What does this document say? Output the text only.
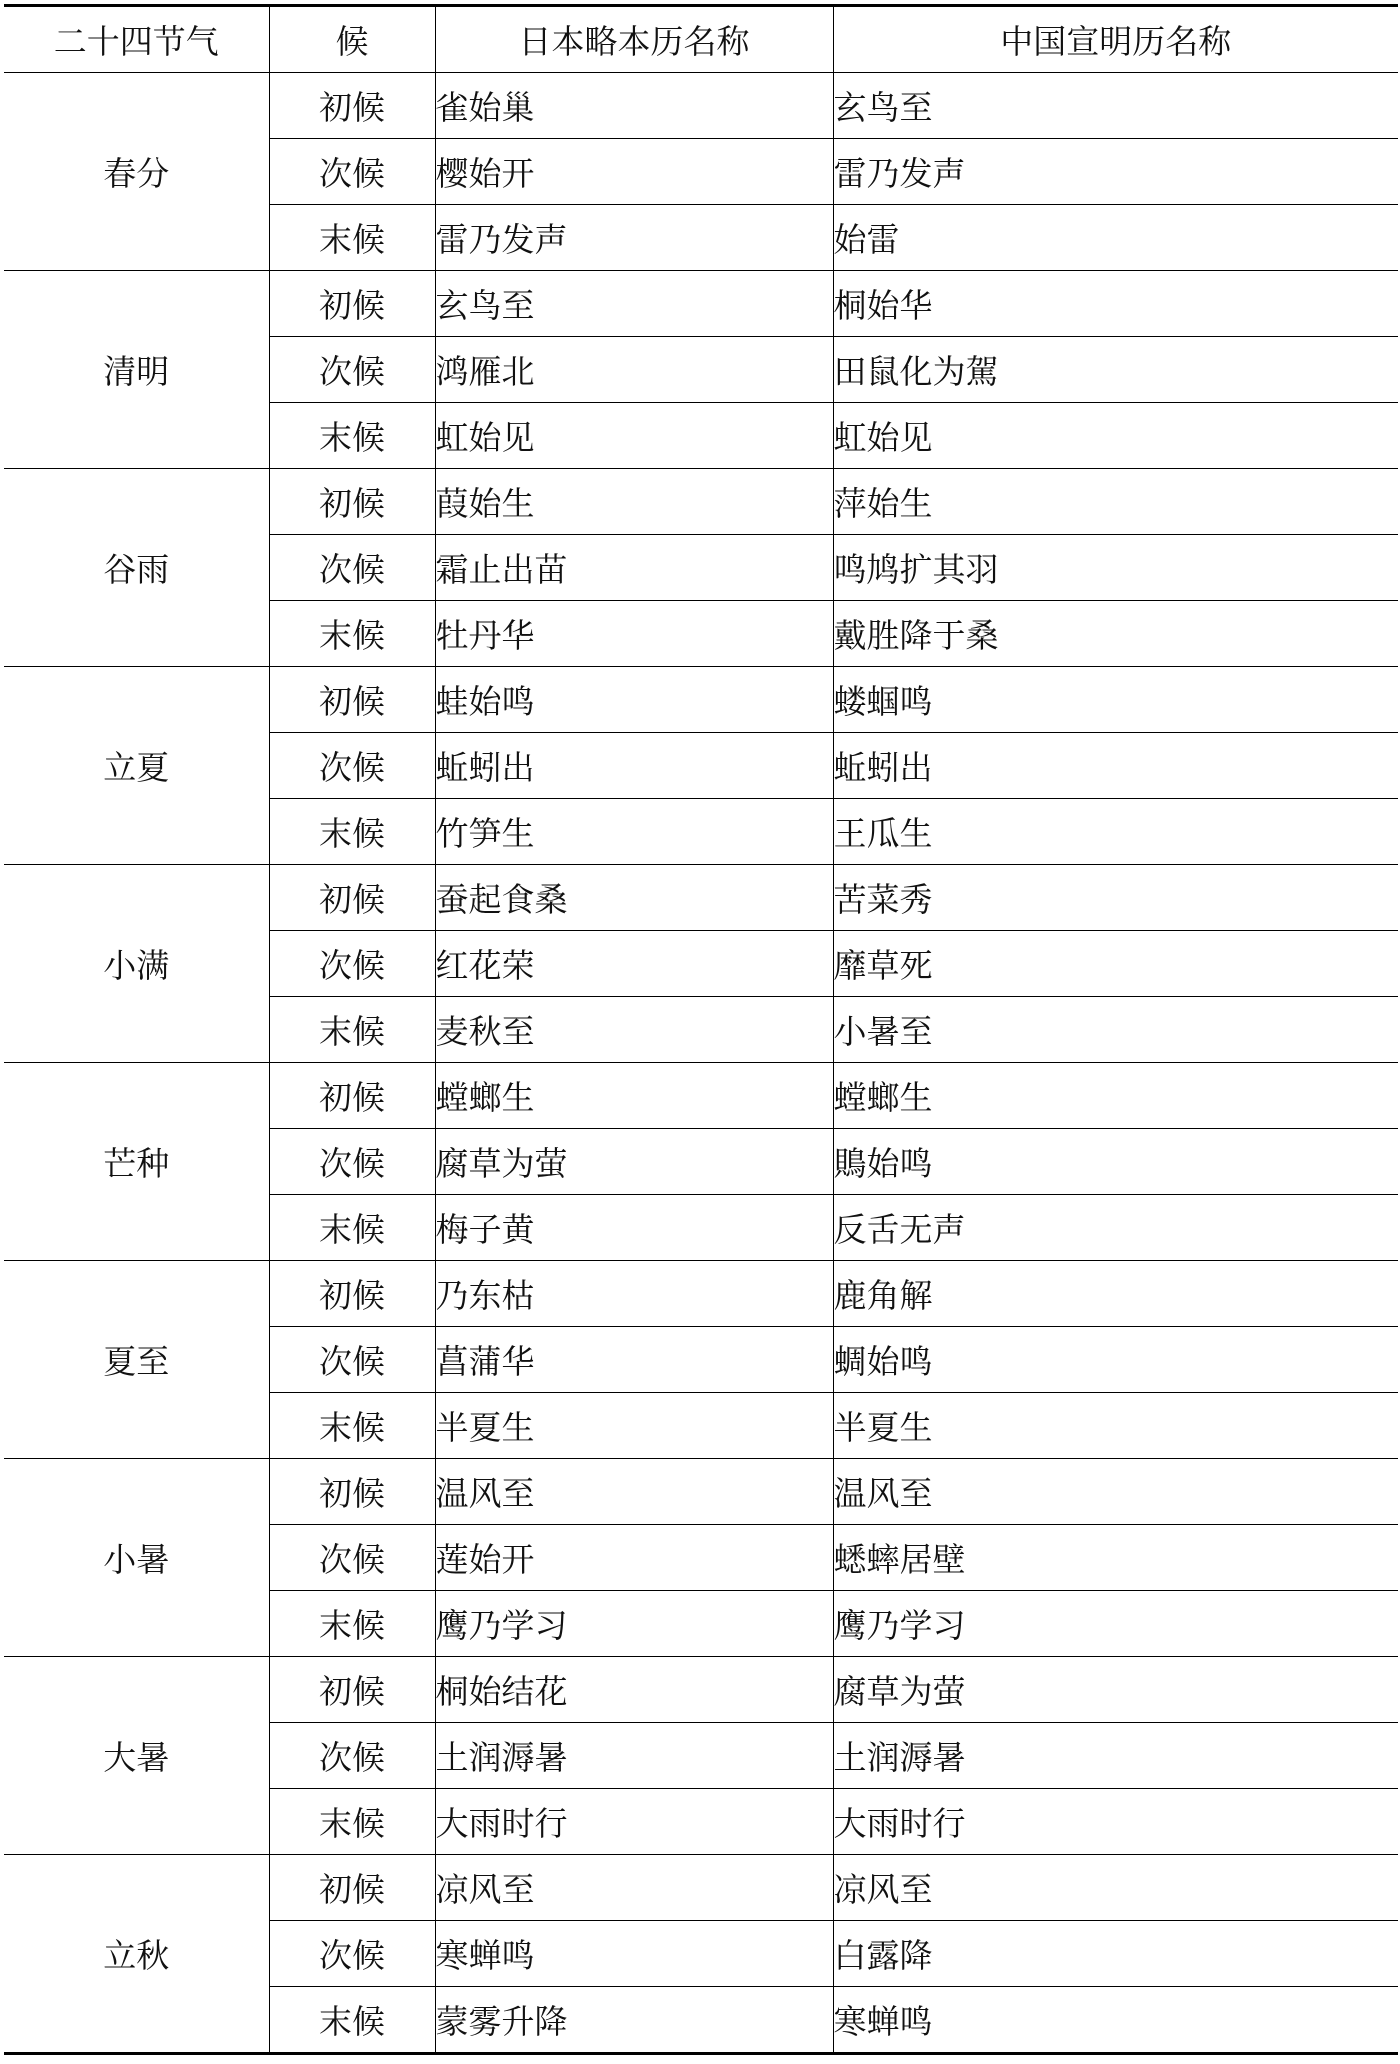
二十四节气	候	日本略本历名称	中国宣明历名称
春分	初候	雀始巢	玄鸟至
	次候	樱始开	雷乃发声
	末候	雷乃发声	始雷
清明	初候	玄鸟至	桐始华
	次候	鸿雁北	田鼠化为駕
	末候	虹始见	虹始见
谷雨	初候	葭始生	萍始生
	次候	霜止出苗	鸣鸠扩其羽
	末候	牡丹华	戴胜降于桑
立夏	初候	蛙始鸣	蝼蝈鸣
	次候	蚯蚓出	蚯蚓出
	末候	竹笋生	王瓜生
小满	初候	蚕起食桑	苦菜秀
	次候	红花荣	靡草死
	末候	麦秋至	小暑至
芒种	初候	螳螂生	螳螂生
	次候	腐草为萤	鵙始鸣
	末候	梅子黄	反舌无声
夏至	初候	乃东枯	鹿角解
	次候	菖蒲华	蜩始鸣
	末候	半夏生	半夏生
小暑	初候	温风至	温风至
	次候	莲始开	蟋蟀居壁
	末候	鹰乃学习	鹰乃学习
大暑	初候	桐始结花	腐草为萤
	次候	土润溽暑	土润溽暑
	末候	大雨时行	大雨时行
立秋	初候	凉风至	凉风至
	次候	寒蝉鸣	白露降
	末候	蒙雾升降	寒蝉鸣
